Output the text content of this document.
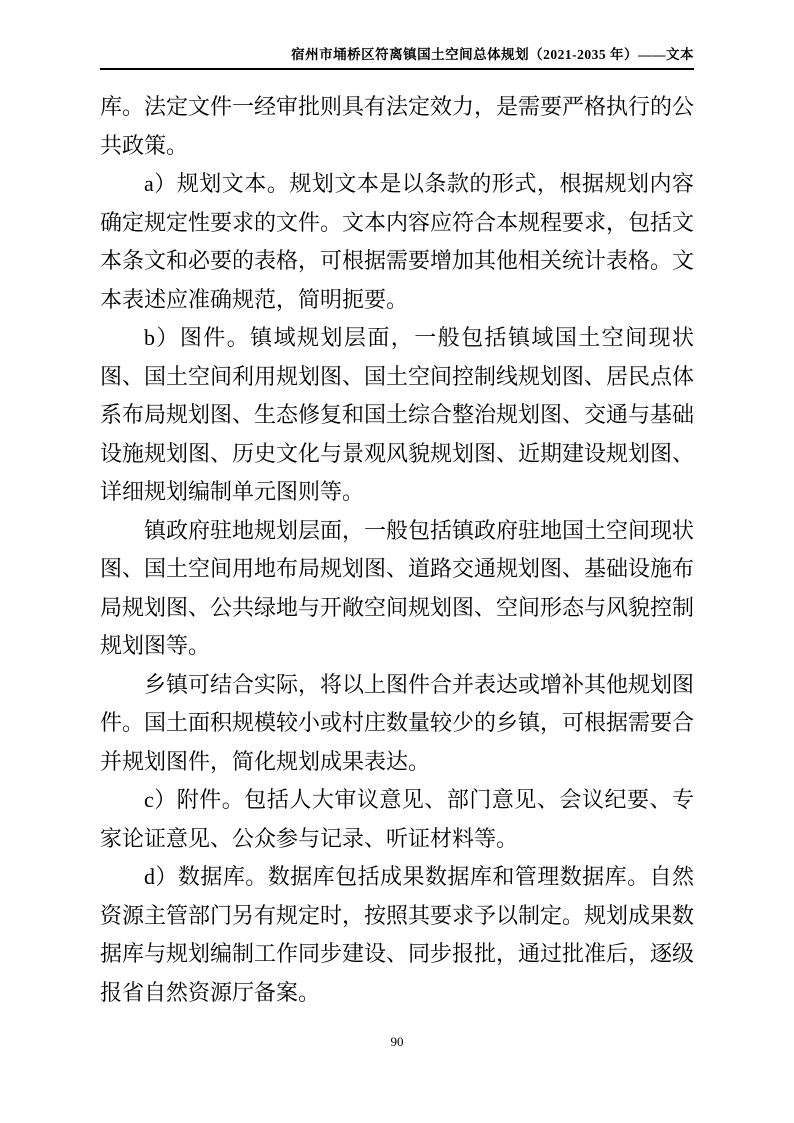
宿州市埇桥区符离镇国土空间总体规划（2021-2035 年）——文本

库。法定文件一经审批则具有法定效力，是需要严格执行的公共政策。

a）规划文本。规划文本是以条款的形式，根据规划内容确定规定性要求的文件。文本内容应符合本规程要求，包括文本条文和必要的表格，可根据需要增加其他相关统计表格。文本表述应准确规范，简明扼要。

b）图件。镇域规划层面，一般包括镇域国土空间现状图、国土空间利用规划图、国土空间控制线规划图、居民点体系布局规划图、生态修复和国土综合整治规划图、交通与基础设施规划图、历史文化与景观风貌规划图、近期建设规划图、详细规划编制单元图则等。

镇政府驻地规划层面，一般包括镇政府驻地国土空间现状图、国土空间用地布局规划图、道路交通规划图、基础设施布局规划图、公共绿地与开敞空间规划图、空间形态与风貌控制规划图等。

乡镇可结合实际，将以上图件合并表达或增补其他规划图件。国土面积规模较小或村庄数量较少的乡镇，可根据需要合并规划图件，简化规划成果表达。

c）附件。包括人大审议意见、部门意见、会议纪要、专家论证意见、公众参与记录、听证材料等。

d）数据库。数据库包括成果数据库和管理数据库。自然资源主管部门另有规定时，按照其要求予以制定。规划成果数据库与规划编制工作同步建设、同步报批，通过批准后，逐级报省自然资源厅备案。

90
